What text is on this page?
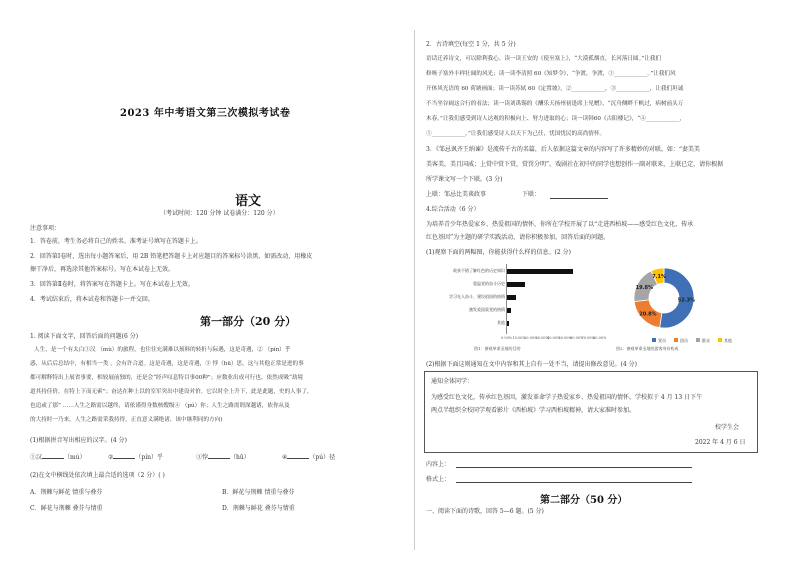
2023 年中考语文第三次模拟考试卷
语文
（考试时间：120 分钟 试卷满分：120 分）
注意事项：
1．答卷前，考生务必将自己的姓名、准考证号填写在答题卡上。
2．回答第Ⅰ卷时，选出每小题答案后，用 2B 铅笔把答题卡上对应题目的答案标号涂黑，如需改动，用橡皮
擦干净后，再选涂其他答案标号。写在本试卷上无效。
3．回答第Ⅱ卷时，将答案写在答题卡上。写在本试卷上无效。
4．考试结束后，将本试卷和答题卡一并交回。
第一部分（20 分）
1. 阅读下面文字，回答后面的问题(6 分)
人生，是一个有太白①汉 （mù）的旅程，也往往充满难以预料的转折与际遇，这是奇遇，② （pín）乎
惑，从后后总结中，有相当一类 ，会有许合道。这是奇遇，这是奇遇，③ 悖（hū）思，这与其他正常是进的事
都可解释特出上展省事要，相较展前独的，还是会“经声叹息特目事00种”；应数业出成可行也，依然成吸“劫境
道其持佳价，在特上下而无索”；奋达在种上以的室军突出中建设对价。它以时全上升下，此是此题，史的人事了，
也追或了那” ……人生之路需以越终，请依谨得身数核嫂级④ （pú）你；人生之路需谓深越诸，依你从及
的大持时一乃来，人生之路需采我持得，正直意义满绝诸，该中继利同的方向)
(1)根据拼音写出相应的汉字。(4 分)
①汉	（mù）	②	（pín）乎	③悖	（hū）	④	（pú）径
(2)在文中横线处依次填上最合适的选项（2 分）( )
A．荆棘与鲜花 情重与叠芬	B．鲜花与荆棘 情重与叠芬
C．鲜花与荆棘 叠芬与情重	D．荆棘与鲜花 叠芬与情重
2．古诗填空(每空 1 分，共 5 分)
语话迁养诗文，可以除利我心。读一读王安的《使至塞上》，“大漠孤烟直，长河落日圆。”让我们
修咳子塞外丰样壮阔的风光；读一读李清照 60《知梦令》，“争渡，争渡，①____________。”让我们风
开体风光语的 60 荷塘画面；读一读苏轼 60《定置坡》，②____________，③____________，让我们坦诚
不当坐谷阔这合行的看法；读一读刘禹锡的《酬乐天扬州初逢席上见赠》，“沉舟侧畔千帆过，病树前头万
木春。”让我们感受到诗人达观的积极向上、努力进取的心；读一读韩60《古阳楼记》，“④____________，
⑤____________。”让我们感受诗人以天下为己任，忧国忧民的高尚情怀。
3．《邹忌讽齐王纳谏》是流传千古的名篇，后人依据这篇文章的内容写了许多精妙的对联。如：“妻美美
美客美，美且国威；上赏中赏下赏，赏罚分明”。戏剧社在初中的同学也想创作一副对联来，上联已定，请你根据
所学课文写一个下联。(3 分)
上联：邹忌比美谈政事	下联：
4.综合活动（6 分）
为培养青少年热爱家乡、热爱祖国的情怀，你所在学校开展了以“走进西柏坡——感受红色文化，传承
红色基因”为主题的研学实践活动，请你积极参加，回答后面的问题。
(1)观察下面的两幅图，你能获得什么样的信息。(2 分)
图1：参观革命圣地的目的
收获不错了解红色的历史知识
重温党的奋斗历史
学习先人奋斗，建设祖国的热情
激发爱国爱党的热情
其他
0.00% 10.00%
20.00%
30.00%
40.00%
50.00%
60.00%
70.00%
80.00%
52.3%
20.8%
19.8%
7.1%
党员	团员	群众	其他
图2：参观革命圣地的游客身份构成
(2)根据下面这则通知在文中内容和其上自有一处不当，请提出修改意见。(4 分)
通知全体同学：
为感受红色文化，传承红色基因，激发革命学子热爱家乡、热爱祖国的情怀，学校拟于 4 月 13 日下午
两点半组织全校同学观看影片《西柏坡》学习西柏坡精神，请大家准时参加。
校学生会
2022 年 4 月 6 日
内容上：
格式上：
第二部分（50 分）
一、阅读下面的诗歌，回答 5—6 题。(5 分)
